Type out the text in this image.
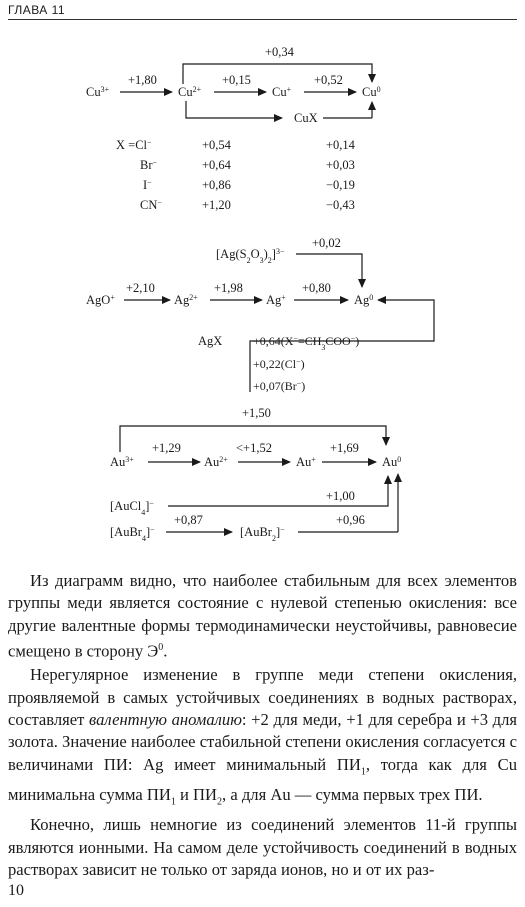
ГЛАВА 11
$Cu^{3+}$	$Cu^{2+}$	Cu+	Cu$^0$
CuX
+1,80	+0,15	+0,52
+0,34
X =Cl−	+0,54	+0,14
Br−	+0,64	+0,03
I−	+0,86	−0,19
CN−	+1,20	−0,43
$[Ag(S_2O_3)_2]^{3-}$
+0,02
AgO+	$Ag^{2+}$	Ag+	$Ag^0$
+2,10	+1,98	+0,80
AgX	$+0,64(X^-=CH_3COO^-)$
+0,22(Cl−)
+0,07(Br−)
+1,50
$Au^{3+}$	$Au^{2+}$	Au+	$Au^0$
+1,29	<+1,52	+1,69
[AuCl$_4$]−	+1,00
[AuBr$_4$]−
+0,87
[AuBr$_2$]−
+0,96

Из диаграмм видно, что наиболее стабильным для всех элементов группы меди является состояние с нулевой степенью окисления: все другие валентные формы термодинамически неустойчивы, равновесие смещено в сторону $Э^0$.

Нерегулярное изменение в группе меди степени окисления, проявляемой в самых устойчивых соединениях в водных растворах, составляет валентную аномалию: +2 для меди, +1 для серебра и +3 для золота. Значение наиболее стабильной степени окисления согласуется с величинами ПИ: Ag имеет минимальный $ПИ_1$, тогда как для Cu минимальна сумма $ПИ_1$ и $ПИ_2$, а для Au — сумма первых трех ПИ.

Конечно, лишь немногие из соединений элементов 11-й группы являются ионными. На самом деле устойчивость соединений в водных растворах зависит не только от заряда ионов, но и от их раз-

10
